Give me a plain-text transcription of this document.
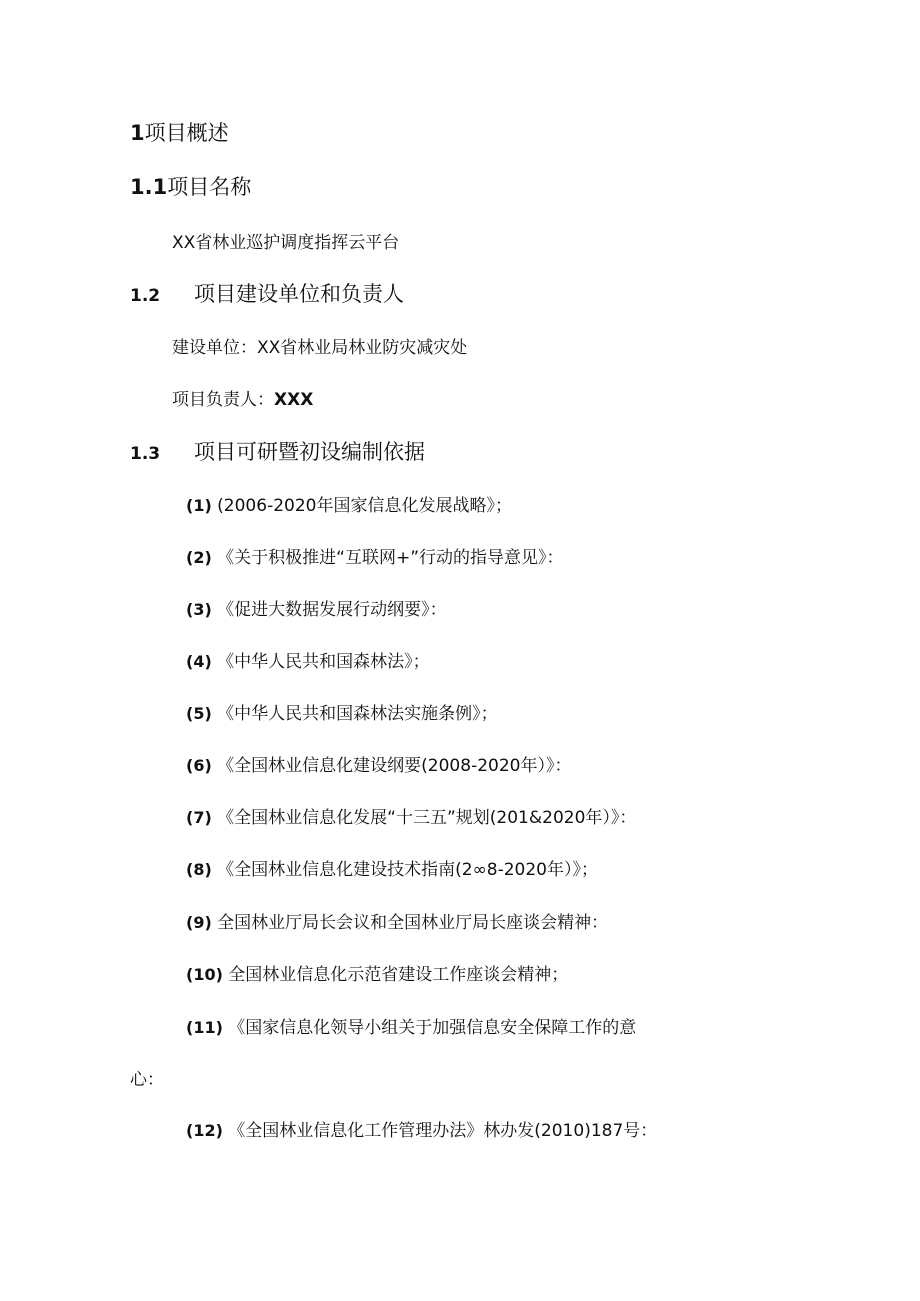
1项目概述
1.1项目名称
XX省林业巡护调度指挥云平台
1.2 项目建设单位和负责人
建设单位：XX省林业局林业防灾减灾处
项目负责人：XXX
1.3 项目可研暨初设编制依据
(1) (2006-2020年国家信息化发展战略》；
(2) 《关于积极推进“互联网+”行动的指导意见》：
(3) 《促进大数据发展行动纲要》：
(4) 《中华人民共和国森林法》；
(5) 《中华人民共和国森林法实施条例》；
(6) 《全国林业信息化建设纲要(2008-2020年）》：
(7) 《全国林业信息化发展“十三五”规划(201&2020年）》：
(8) 《全国林业信息化建设技术指南(2∞8-2020年）》；
(9) 全国林业厅局长会议和全国林业厅局长座谈会精神：
(10) 全国林业信息化示范省建设工作座谈会精神；
(11) 《国家信息化领导小组关于加强信息安全保障工作的意
心：
(12) 《全国林业信息化工作管理办法》林办发(2010)187号：
